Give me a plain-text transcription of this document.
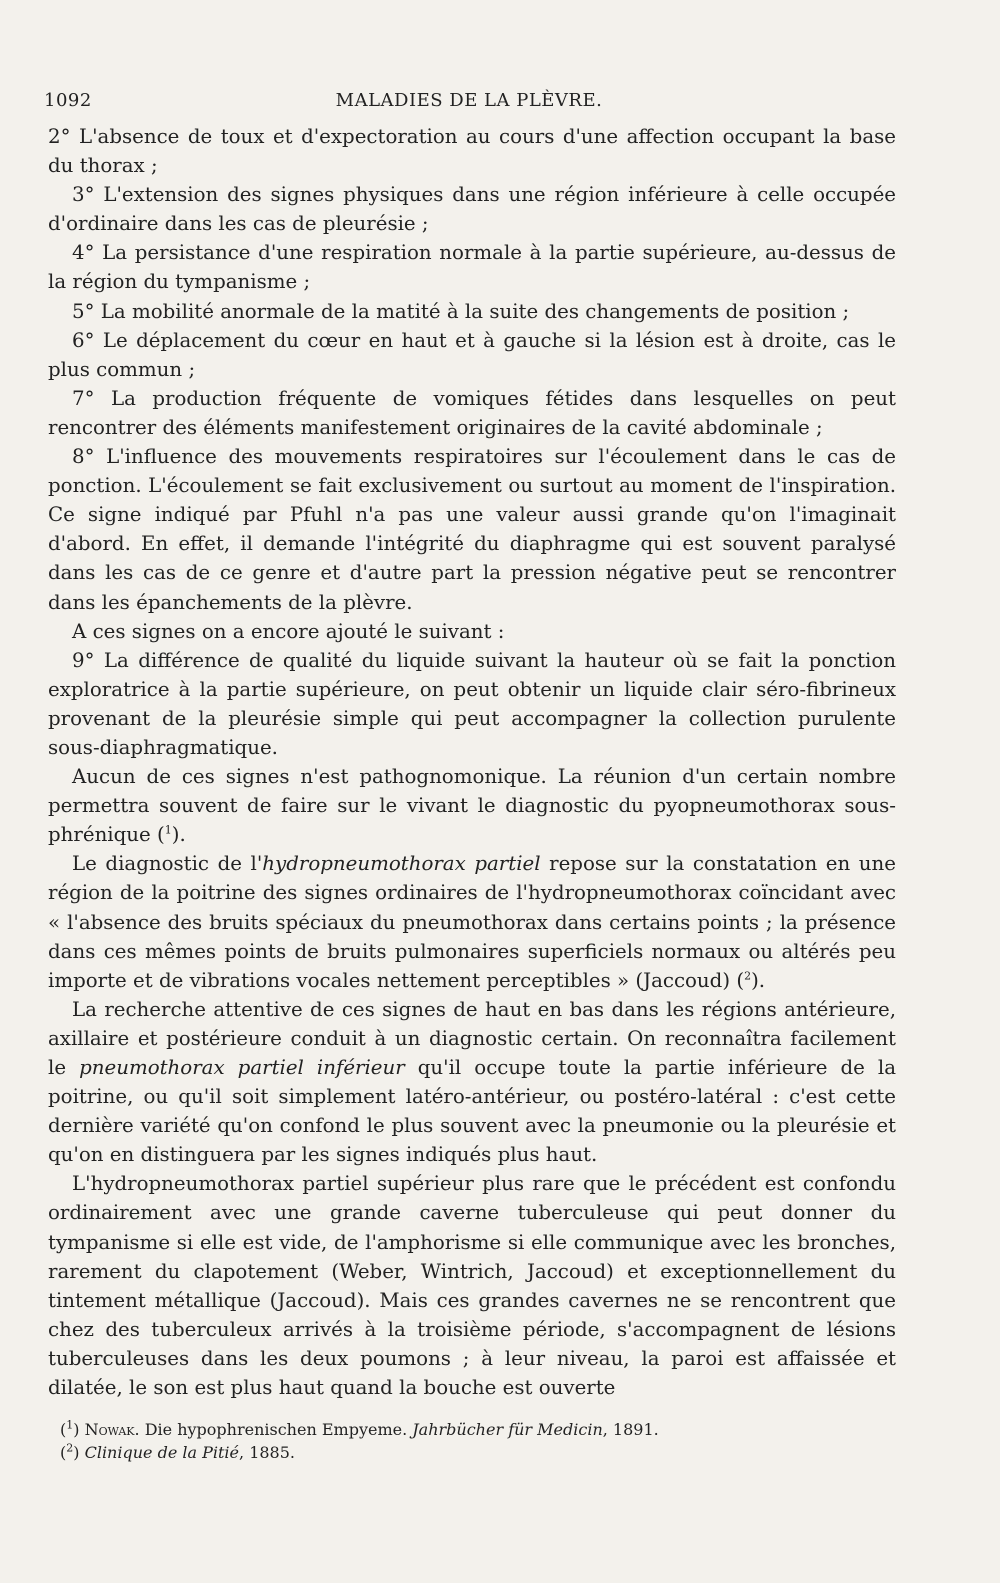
1092	MALADIES DE LA PLÈVRE.

2° L'absence de toux et d'expectoration au cours d'une affection occupant la base du thorax ;

3° L'extension des signes physiques dans une région inférieure à celle occupée d'ordinaire dans les cas de pleurésie ;

4° La persistance d'une respiration normale à la partie supérieure, au-dessus de la région du tympanisme ;

5° La mobilité anormale de la matité à la suite des changements de position ;

6° Le déplacement du cœur en haut et à gauche si la lésion est à droite, cas le plus commun ;

7° La production fréquente de vomiques fétides dans lesquelles on peut rencontrer des éléments manifestement originaires de la cavité abdominale ;

8° L'influence des mouvements respiratoires sur l'écoulement dans le cas de ponction. L'écoulement se fait exclusivement ou surtout au moment de l'inspiration. Ce signe indiqué par Pfuhl n'a pas une valeur aussi grande qu'on l'imaginait d'abord. En effet, il demande l'intégrité du diaphragme qui est souvent paralysé dans les cas de ce genre et d'autre part la pression négative peut se rencontrer dans les épanchements de la plèvre.

A ces signes on a encore ajouté le suivant :

9° La différence de qualité du liquide suivant la hauteur où se fait la ponction exploratrice à la partie supérieure, on peut obtenir un liquide clair séro-fibrineux provenant de la pleurésie simple qui peut accompagner la collection purulente sous-diaphragmatique.

Aucun de ces signes n'est pathognomonique. La réunion d'un certain nombre permettra souvent de faire sur le vivant le diagnostic du pyopneumothorax sous-phrénique ($^1$).

Le diagnostic de l'hydropneumothorax partiel repose sur la constatation en une région de la poitrine des signes ordinaires de l'hydropneumothorax coïncidant avec « l'absence des bruits spéciaux du pneumothorax dans certains points ; la présence dans ces mêmes points de bruits pulmonaires superficiels normaux ou altérés peu importe et de vibrations vocales nettement perceptibles » (Jaccoud) ($^2$).

La recherche attentive de ces signes de haut en bas dans les régions antérieure, axillaire et postérieure conduit à un diagnostic certain. On reconnaîtra facilement le pneumothorax partiel inférieur qu'il occupe toute la partie inférieure de la poitrine, ou qu'il soit simplement latéro-antérieur, ou postéro-latéral : c'est cette dernière variété qu'on confond le plus souvent avec la pneumonie ou la pleurésie et qu'on en distinguera par les signes indiqués plus haut.

L'hydropneumothorax partiel supérieur plus rare que le précédent est confondu ordinairement avec une grande caverne tuberculeuse qui peut donner du tympanisme si elle est vide, de l'amphorisme si elle communique avec les bronches, rarement du clapotement (Weber, Wintrich, Jaccoud) et exceptionnellement du tintement métallique (Jaccoud). Mais ces grandes cavernes ne se rencontrent que chez des tuberculeux arrivés à la troisième période, s'accompagnent de lésions tuberculeuses dans les deux poumons ; à leur niveau, la paroi est affaissée et dilatée, le son est plus haut quand la bouche est ouverte

($^1$) Nowak. Die hypophrenischen Empyeme. Jahrbücher für Medicin, 1891.

($^2$) Clinique de la Pitié, 1885.
